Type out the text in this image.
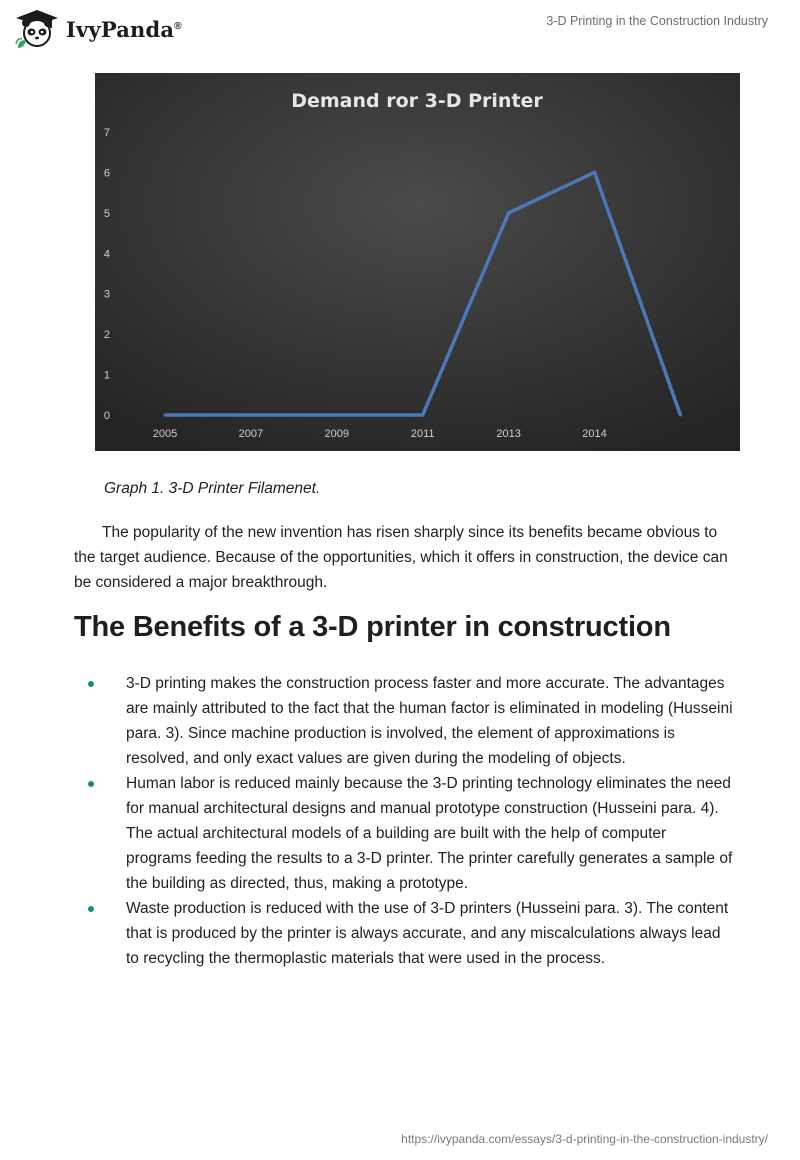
IvyPanda®	3-D Printing in the Construction Industry
Demand ror 3-D Printer
0
1
2
3
4
5
6
7
2005	2007	2009	2011	2013	2014
Graph 1. 3-D Printer Filamenet.

The popularity of the new invention has risen sharply since its benefits became obvious to the target audience. Because of the opportunities, which it offers in construction, the device can be considered a major breakthrough.

The Benefits of a 3-D printer in construction
3-D printing makes the construction process faster and more accurate. The advantages are mainly attributed to the fact that the human factor is eliminated in modeling (Husseini para. 3). Since machine production is involved, the element of approximations is resolved, and only exact values are given during the modeling of objects.
Human labor is reduced mainly because the 3-D printing technology eliminates the need for manual architectural designs and manual prototype construction (Husseini para. 4). The actual architectural models of a building are built with the help of computer programs feeding the results to a 3-D printer. The printer carefully generates a sample of the building as directed, thus, making a prototype.
Waste production is reduced with the use of 3-D printers (Husseini para. 3). The content that is produced by the printer is always accurate, and any miscalculations always lead to recycling the thermoplastic materials that were used in the process.
https://ivypanda.com/essays/3-d-printing-in-the-construction-industry/
